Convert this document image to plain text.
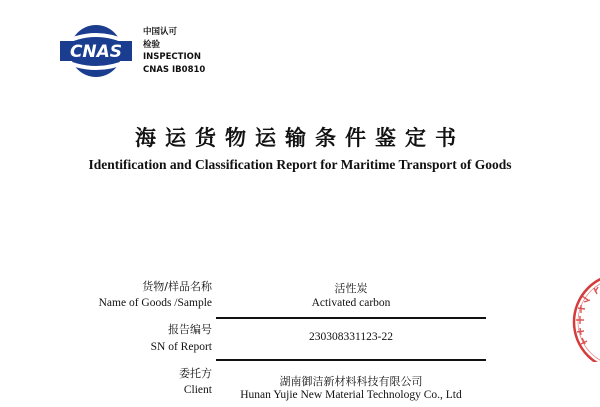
CNAS
中国认可
检验
INSPECTION
CNAS IB0810
海运货物运输条件鉴定书
Identification and Classification Report for Maritime Transport of Goods
货物/样品名称
Name of Goods /Sample
活性炭
Activated carbon
报告编号
SN of Report
230308331123-22
委托方
Client
湖南御洁新材料科技有限公司
Hunan Yujie New Material Technology Co., Ltd
